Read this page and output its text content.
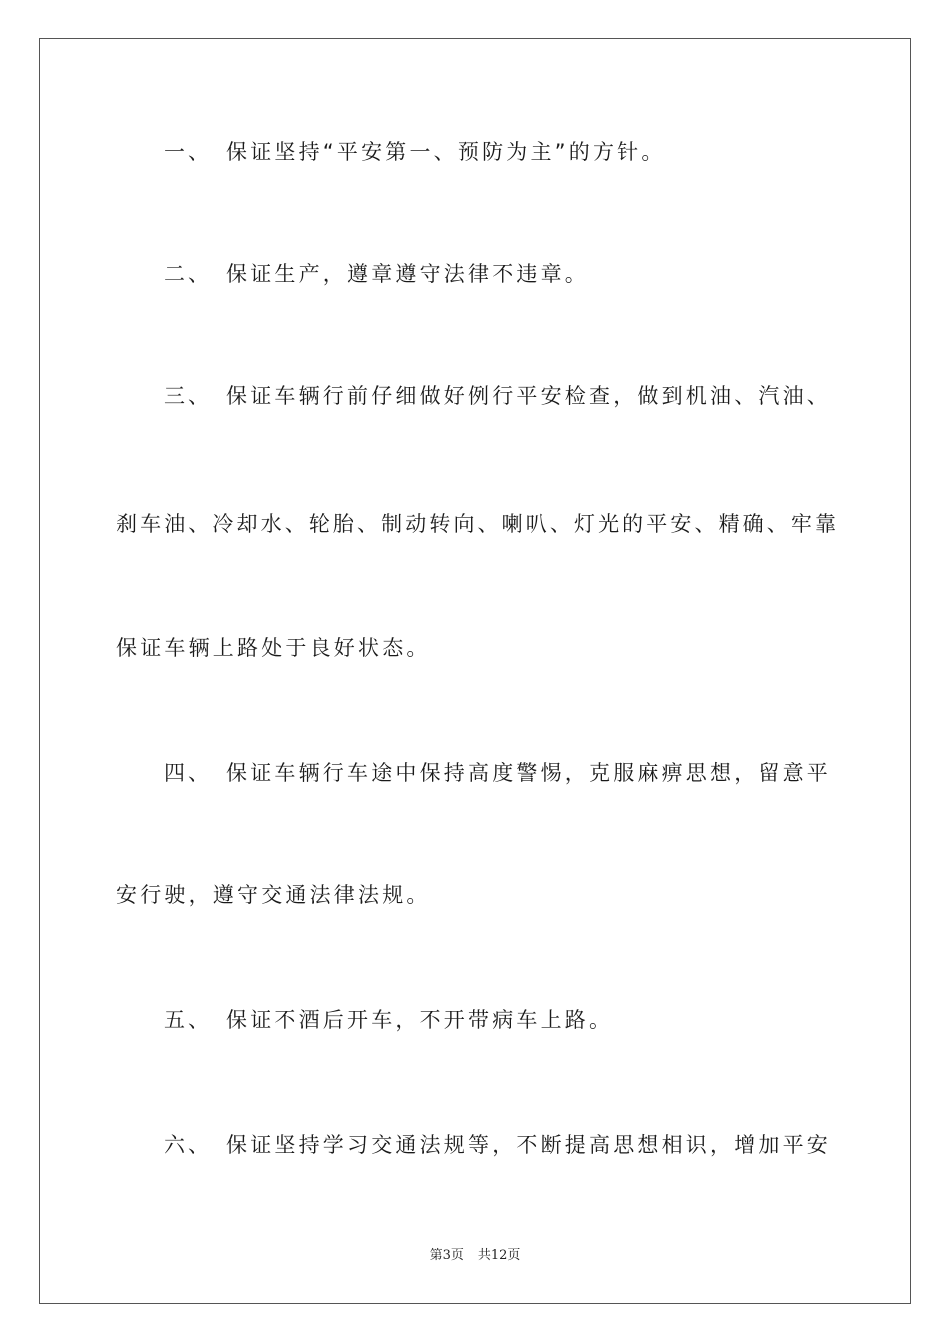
一、 保证坚持“平安第一、预防为主”的方针。

二、 保证生产，遵章遵守法律不违章。

三、 保证车辆行前仔细做好例行平安检查，做到机油、汽油、

刹车油、冷却水、轮胎、制动转向、喇叭、灯光的平安、精确、牢靠

保证车辆上路处于良好状态。

四、 保证车辆行车途中保持高度警惕，克服麻痹思想，留意平

安行驶，遵守交通法律法规。

五、 保证不酒后开车，不开带病车上路。

六、 保证坚持学习交通法规等，不断提高思想相识，增加平安

第3页 共12页
